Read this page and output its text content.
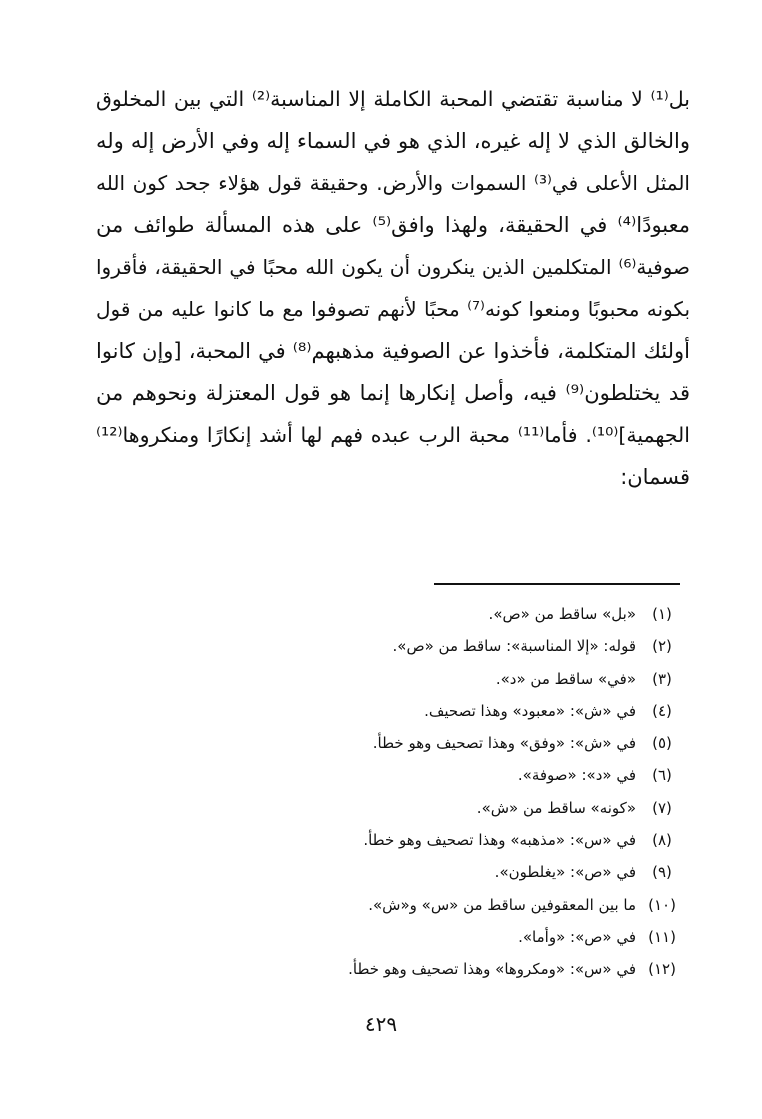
بل⁽¹⁾ لا مناسبة تقتضي المحبة الكاملة إلا المناسبة⁽²⁾ التي بين المخلوق
والخالق الذي لا إله غيره، الذي هو في السماء إله وفي الأرض إله وله
المثل الأعلى في⁽³⁾ السموات والأرض. وحقيقة قول هؤلاء جحد كون الله
معبودًا⁽⁴⁾ في الحقيقة، ولهذا وافق⁽⁵⁾ على هذه المسألة طوائف من
صوفية⁽⁶⁾ المتكلمين الذين ينكرون أن يكون الله محبًا في الحقيقة، فأقروا
بكونه محبوبًا ومنعوا كونه⁽⁷⁾ محبًا لأنهم تصوفوا مع ما كانوا عليه من قول
أولئك المتكلمة، فأخذوا عن الصوفية مذهبهم⁽⁸⁾ في المحبة، [وإن كانوا
قد يختلطون⁽⁹⁾ فيه، وأصل إنكارها إنما هو قول المعتزلة ونحوهم من
الجهمية]⁽¹⁰⁾. فأما⁽¹¹⁾ محبة الرب عبده فهم لها أشد إنكارًا ومنكروها⁽¹²⁾
قسمان:
(١)
«بل» ساقط من «ص».
(٢)
قوله: «إلا المناسبة»: ساقط من «ص».
(٣)
«في» ساقط من «د».
(٤)
في «ش»: «معبود» وهذا تصحيف.
(٥)
في «ش»: «وفق» وهذا تصحيف وهو خطأ.
(٦)
في «د»: «صوفة».
(٧)
«كونه» ساقط من «ش».
(٨)
في «س»: «مذهبه» وهذا تصحيف وهو خطأ.
(٩)
في «ص»: «يغلطون».
(١٠)
ما بين المعقوفين ساقط من «س» و«ش».
(١١)
في «ص»: «وأما».
(١٢)
في «س»: «ومكروها» وهذا تصحيف وهو خطأ.
٤٢٩
